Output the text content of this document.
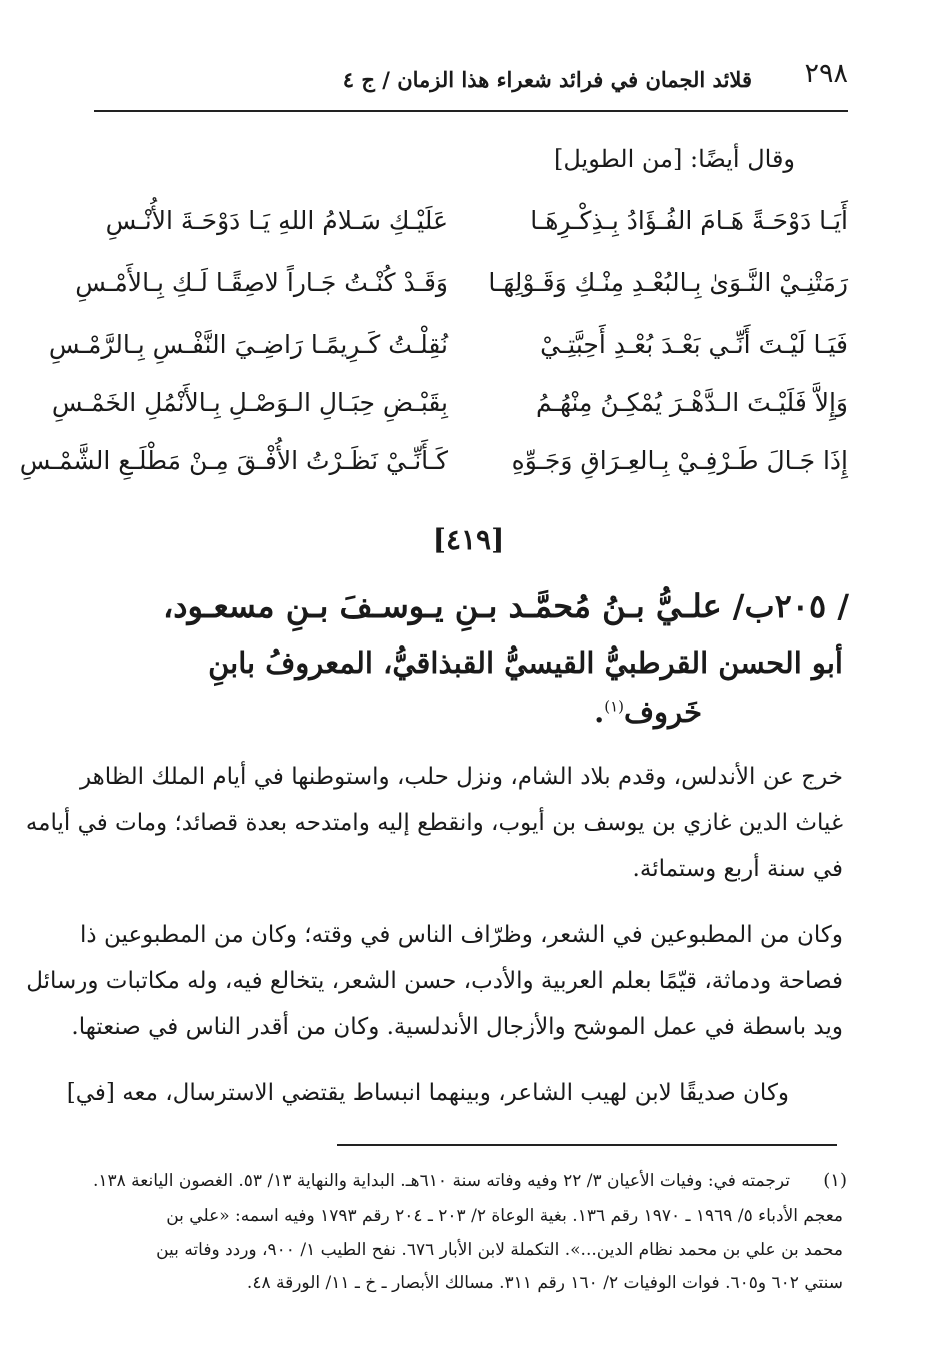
٢٩٨
قلائد الجمان في فرائد شعراء هذا الزمان / ج ٤
وقال أيضًا: [من الطويل]
أَيَـا دَوْحَـةً هَـامَ الفُـؤَادُ بِـذِكْـرِهَـا
عَلَيْـكِ سَـلامُ اللهِ يَـا دَوْحَـةَ الأُنْـسِ
رَمَتْنِـيْ النَّـوَىٰ بِـالبُعْـدِ مِنْـكِ وَقَـوْلِهَـا
وَقَـدْ كُنْـتُ جَـاراً لاصِقًـا لَـكِ بِـالأَمْـسِ
فَيَـا لَيْـتَ أَنِّـي بَعْـدَ بُعْـدِ أَحِبَّتِـيْ
نُقِلْـتُ كَـرِيمًـا رَاضِـيَ النَّفْـسِ بِـالرَّمْـسِ
وَإِلاَّ فَلَيْـتَ الـدَّهْـرَ يُمْكِـنُ مِنْهُـمُ
بِقَبْـضِ حِبَـالِ الـوَصْـلِ بِـالأَنْمُلِ الخَمْـسِ
إِذَا جَـالَ طَـرْفِـيْ بِـالعِـرَاقِ وَجَـوِّهِ
كَـأَنِّـيْ نَظَـرْتُ الأُفْـقَ مِـنْ مَطْلَـعِ الشَّمْـسِ
[٤١٩]
/ ٢٠٥ب/ علـيُّ بـنُ مُحمَّـد بـنِ يـوسـفَ بـنِ مسعـود،
أبو الحسن القرطبيُّ القيسيُّ القبذاقيُّ، المعروفُ بابنِ
خَروف$^{(١)}$.
خرج عن الأندلس، وقدم بلاد الشام، ونزل حلب، واستوطنها في أيام الملك الظاهر
غياث الدين غازي بن يوسف بن أيوب، وانقطع إليه وامتدحه بعدة قصائد؛ ومات في أيامه
في سنة أربع وستمائة.
وكان من المطبوعين في الشعر، وظرّاف الناس في وقته؛ وكان من المطبوعين ذا
فصاحة ودماثة، قيّمًا بعلم العربية والأدب، حسن الشعر، يتخالع فيه، وله مكاتبات ورسائل
ويد باسطة في عمل الموشح والأزجال الأندلسية. وكان من أقدر الناس في صنعتها.
وكان صديقًا لابن لهيب الشاعر، وبينهما انبساط يقتضي الاسترسال، معه [في]
(١)
ترجمته في: وفيات الأعيان ٣/ ٢٢ وفيه وفاته سنة ٦١٠هـ. البداية والنهاية ١٣/ ٥٣. الغصون اليانعة ١٣٨.
معجم الأدباء ٥/ ١٩٦٩ ـ ١٩٧٠ رقم ١٣٦. بغية الوعاة ٢/ ٢٠٣ ـ ٢٠٤ رقم ١٧٩٣ وفيه اسمه: «علي بن
محمد بن علي بن محمد نظام الدين...». التكملة لابن الأبار ٦٧٦. نفح الطيب ١/ ٩٠٠، وردد وفاته بين
سنتي ٦٠٢ و٦٠٥. فوات الوفيات ٢/ ١٦٠ رقم ٣١١. مسالك الأبصار ـ خ ـ ١١/ الورقة ٤٨.
